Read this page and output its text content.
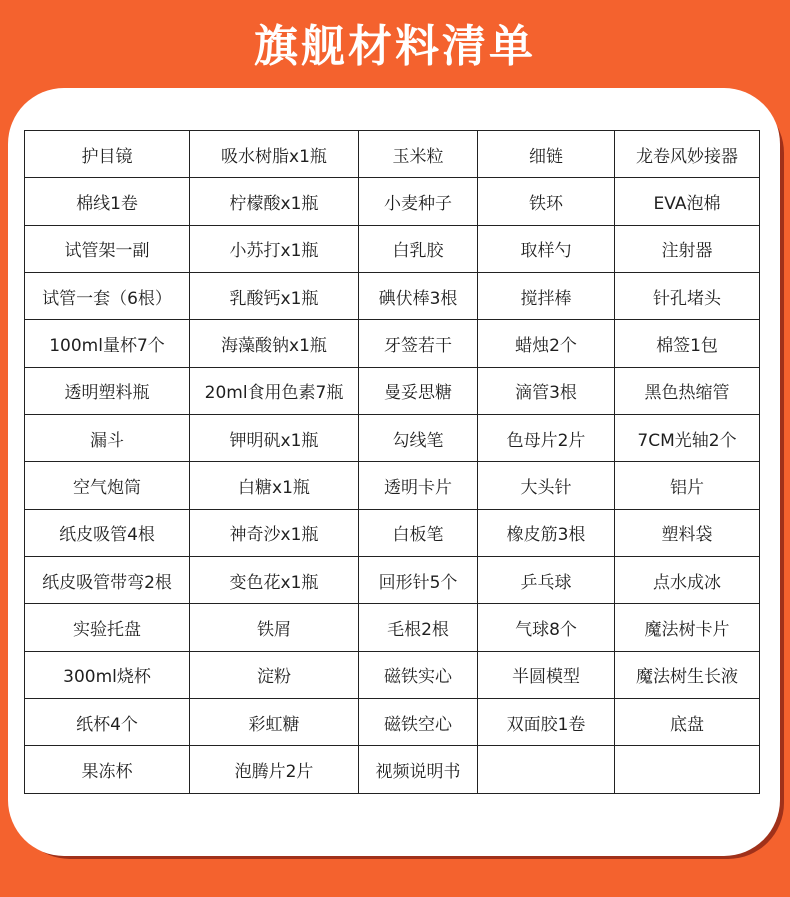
旗舰材料清单
护目镜	吸水树脂x1瓶	玉米粒	细链	龙卷风妙接器
棉线1卷	柠檬酸x1瓶	小麦种子	铁环	EVA泡棉
试管架一副	小苏打x1瓶	白乳胶	取样勺	注射器
试管一套（6根）	乳酸钙x1瓶	碘伏棒3根	搅拌棒	针孔堵头
100ml量杯7个	海藻酸钠x1瓶	牙签若干	蜡烛2个	棉签1包
透明塑料瓶	20ml食用色素7瓶	曼妥思糖	滴管3根	黑色热缩管
漏斗	钾明矾x1瓶	勾线笔	色母片2片	7CM光轴2个
空气炮筒	白糖x1瓶	透明卡片	大头针	铝片
纸皮吸管4根	神奇沙x1瓶	白板笔	橡皮筋3根	塑料袋
纸皮吸管带弯2根	变色花x1瓶	回形针5个	乒乓球	点水成冰
实验托盘	铁屑	毛根2根	气球8个	魔法树卡片
300ml烧杯	淀粉	磁铁实心	半圆模型	魔法树生长液
纸杯4个	彩虹糖	磁铁空心	双面胶1卷	底盘
果冻杯	泡腾片2片	视频说明书		
